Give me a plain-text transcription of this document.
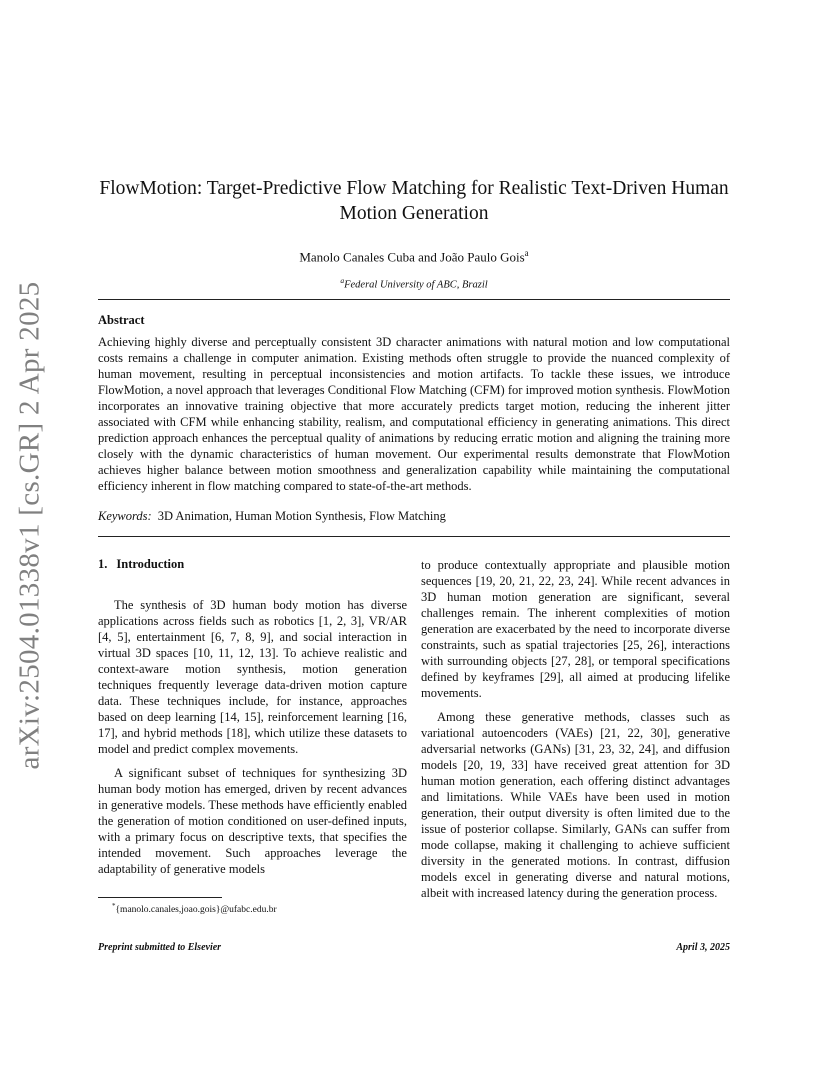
arXiv:2504.01338v1 [cs.GR] 2 Apr 2025
FlowMotion: Target-Predictive Flow Matching for Realistic Text-Driven Human Motion Generation
Manolo Canales Cuba and João Paulo Gois$^a$
$^a$Federal University of ABC, Brazil
Abstract

Achieving highly diverse and perceptually consistent 3D character animations with natural motion and low computational costs remains a challenge in computer animation. Existing methods often struggle to provide the nuanced complexity of human movement, resulting in perceptual inconsistencies and motion artifacts. To tackle these issues, we introduce FlowMotion, a novel approach that leverages Conditional Flow Matching (CFM) for improved motion synthesis. FlowMotion incorporates an innovative training objective that more accurately predicts target motion, reducing the inherent jitter associated with CFM while enhancing stability, realism, and computational efficiency in generating animations. This direct prediction approach enhances the perceptual quality of animations by reducing erratic motion and aligning the training more closely with the dynamic characteristics of human movement. Our experimental results demonstrate that FlowMotion achieves higher balance between motion smoothness and generalization capability while maintaining the computational efficiency inherent in flow matching compared to state-of-the-art methods.

Keywords: 3D Animation, Human Motion Synthesis, Flow Matching
1. Introduction

The synthesis of 3D human body motion has diverse applications across fields such as robotics [1, 2, 3], VR/AR [4, 5], entertainment [6, 7, 8, 9], and social interaction in virtual 3D spaces [10, 11, 12, 13]. To achieve realistic and context-aware motion synthesis, motion generation techniques frequently leverage data-driven motion capture data. These techniques include, for instance, approaches based on deep learning [14, 15], reinforcement learning [16, 17], and hybrid methods [18], which utilize these datasets to model and predict complex movements.

A significant subset of techniques for synthesizing 3D human body motion has emerged, driven by recent advances in generative models. These methods have efficiently enabled the generation of motion conditioned on user-defined inputs, with a primary focus on descriptive texts, that specifies the intended movement. Such approaches leverage the adaptability of generative models

to produce contextually appropriate and plausible motion sequences [19, 20, 21, 22, 23, 24]. While recent advances in 3D human motion generation are significant, several challenges remain. The inherent complexities of motion generation are exacerbated by the need to incorporate diverse constraints, such as spatial trajectories [25, 26], interactions with surrounding objects [27, 28], or temporal specifications defined by keyframes [29], all aimed at producing lifelike movements.

Among these generative methods, classes such as variational autoencoders (VAEs) [21, 22, 30], generative adversarial networks (GANs) [31, 23, 32, 24], and diffusion models [20, 19, 33] have received great attention for 3D human motion generation, each offering distinct advantages and limitations. While VAEs have been used in motion generation, their output diversity is often limited due to the issue of posterior collapse. Similarly, GANs can suffer from mode collapse, making it challenging to achieve sufficient diversity in the generated motions. In contrast, diffusion models excel in generating diverse and natural motions, albeit with increased latency during the generation process.

*{manolo.canales,joao.gois}@ufabc.edu.br
Preprint submitted to Elsevier	April 3, 2025
